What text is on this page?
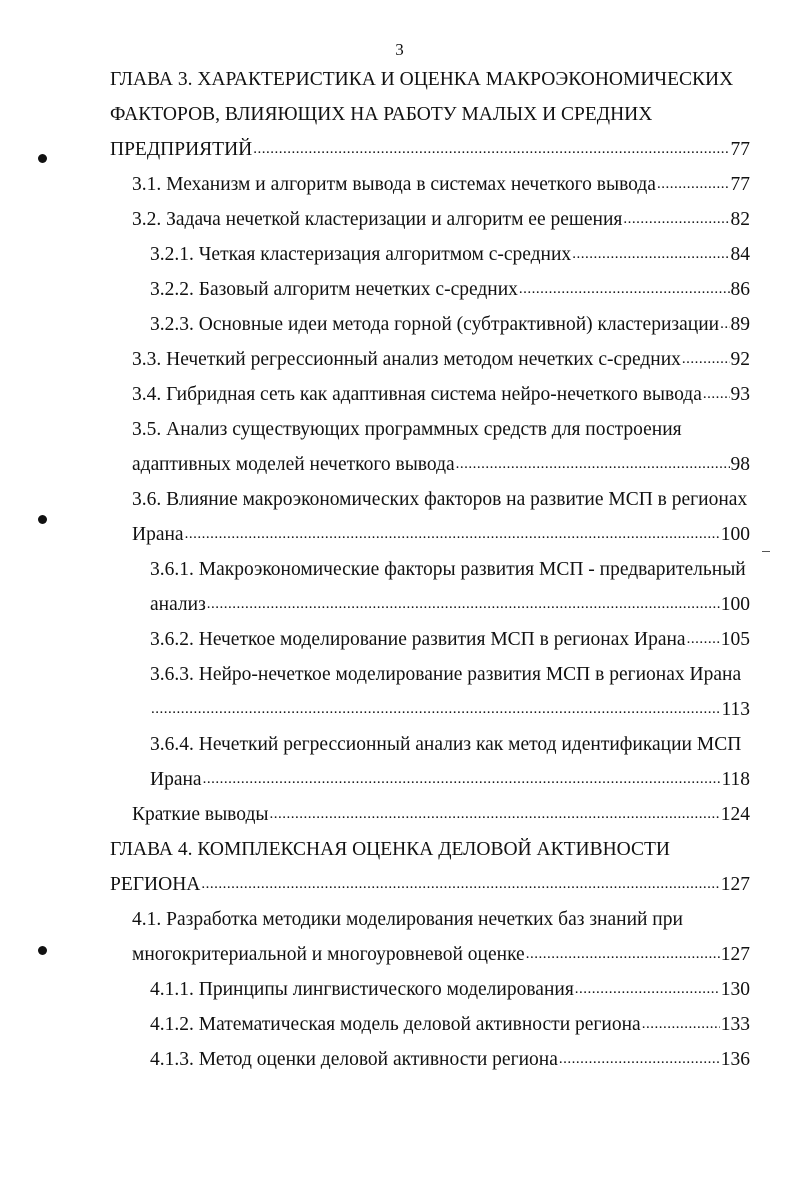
3
ГЛАВА 3. ХАРАКТЕРИСТИКА И ОЦЕНКА МАКРОЭКОНОМИЧЕСКИХ
ФАКТОРОВ, ВЛИЯЮЩИХ НА РАБОТУ МАЛЫХ И СРЕДНИХ
ПРЕДПРИЯТИЙ .....	77
3.1. Механизм и алгоритм вывода в системах нечеткого вывода .....	77
3.2. Задача нечеткой кластеризации и алгоритм ее решения .....	82
3.2.1. Четкая кластеризация алгоритмом с-средних .....	84
3.2.2. Базовый алгоритм нечетких с-средних .....	86
3.2.3. Основные идеи метода горной (субтрактивной) кластеризации ..... 89
3.3. Нечеткий регрессионный анализ методом нечетких с-средних .....	92
3.4. Гибридная сеть как адаптивная система нейро-нечеткого вывода ..... 93
3.5. Анализ существующих программных средств для построения
адаптивных моделей нечеткого вывода .....	98
3.6. Влияние макроэкономических факторов на развитие МСП в регионах
Ирана .....	100
3.6.1. Макроэкономические факторы развития МСП - предварительный
анализ .....	100
3.6.2. Нечеткое моделирование развития МСП в регионах Ирана ..... 105
3.6.3. Нейро-нечеткое моделирование развития МСП в регионах Ирана
.....
113
3.6.4. Нечеткий регрессионный анализ как метод идентификации МСП
Ирана .....	118
Краткие выводы .....	124
ГЛАВА 4. КОМПЛЕКСНАЯ ОЦЕНКА ДЕЛОВОЙ АКТИВНОСТИ
РЕГИОНА .....	127
4.1. Разработка методики моделирования нечетких баз знаний при
многокритериальной и многоуровневой оценке .....	127
4.1.1. Принципы лингвистического моделирования .....	130
4.1.2. Математическая модель деловой активности региона .....	133
4.1.3. Метод оценки деловой активности региона .....	136
